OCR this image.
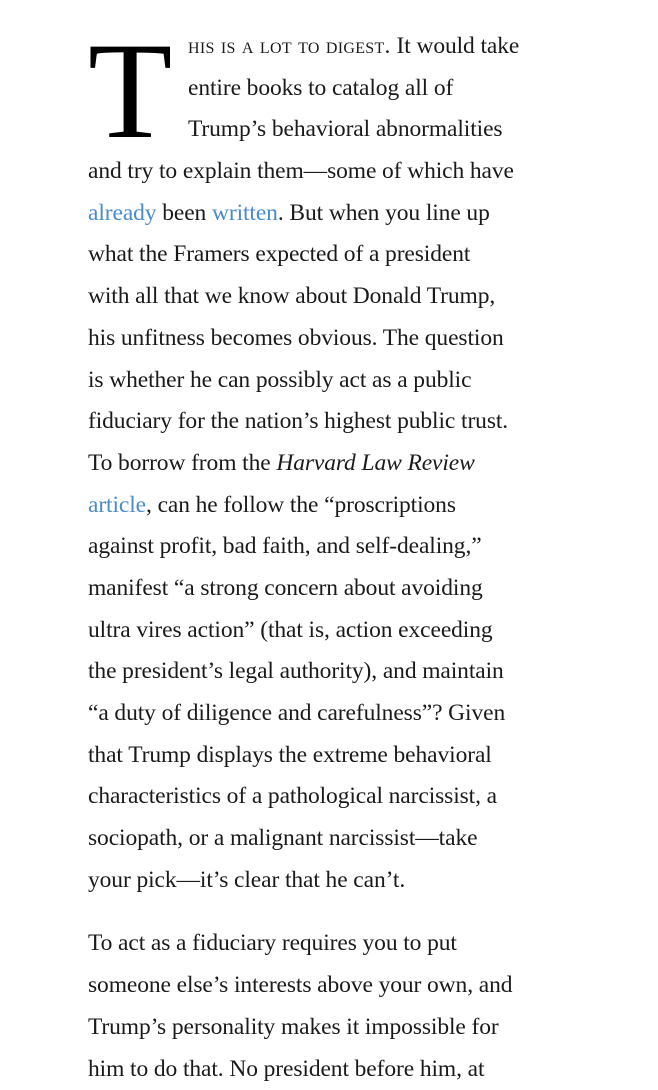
T his is a lot to digest. It would take
entire books to catalog all of
Trump’s behavioral abnormalities
and try to explain them—some of which have
already been written. But when you line up
what the Framers expected of a president
with all that we know about Donald Trump,
his unfitness becomes obvious. The question
is whether he can possibly act as a public
fiduciary for the nation’s highest public trust.
To borrow from the Harvard Law Review
article, can he follow the “proscriptions
against profit, bad faith, and self-dealing,”
manifest “a strong concern about avoiding
ultra vires action” (that is, action exceeding
the president’s legal authority), and maintain
“a duty of diligence and carefulness”? Given
that Trump displays the extreme behavioral
characteristics of a pathological narcissist, a
sociopath, or a malignant narcissist—take
your pick—it’s clear that he can’t.
To act as a fiduciary requires you to put
someone else’s interests above your own, and
Trump’s personality makes it impossible for
him to do that. No president before him, at
